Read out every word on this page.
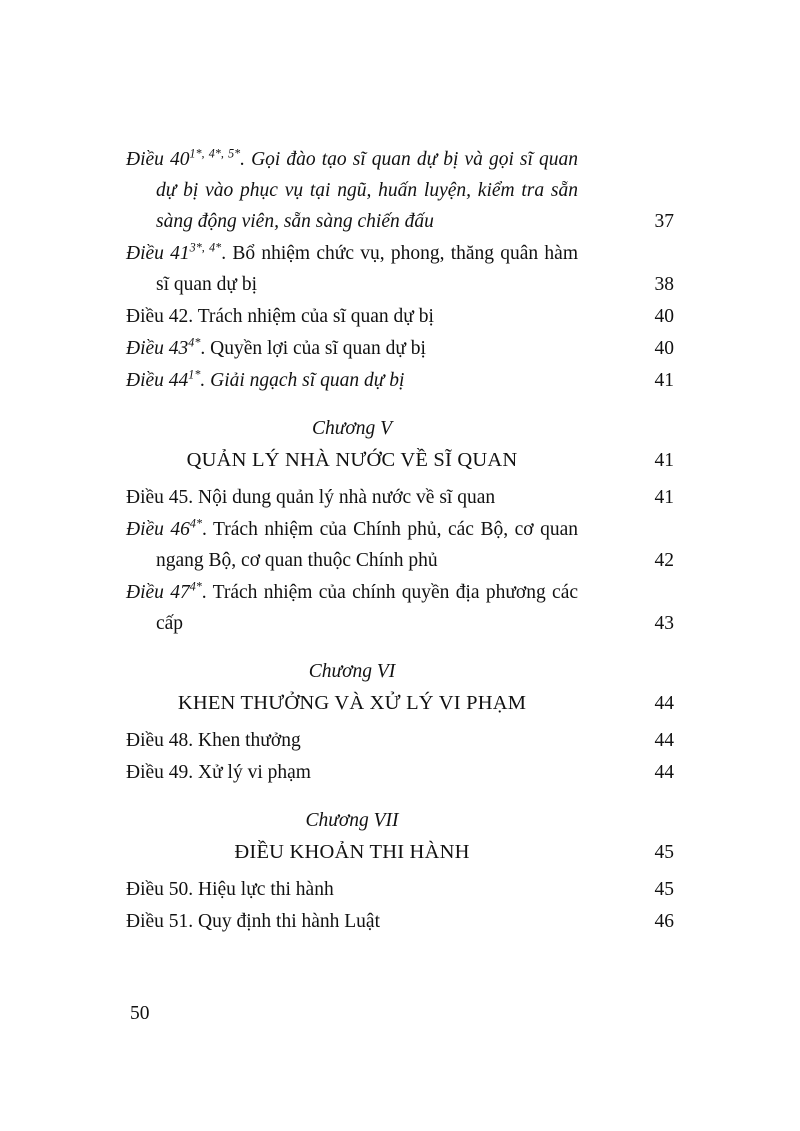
Điều $40^{1*, 4*, 5*}$. Gọi đào tạo sĩ quan dự bị và gọi sĩ quan dự bị vào phục vụ tại ngũ, huấn luyện, kiểm tra sẵn sàng động viên, sẵn sàng chiến đấu	37
Điều $41^{3*, 4*}$. Bổ nhiệm chức vụ, phong, thăng quân hàm sĩ quan dự bị	38
Điều 42. Trách nhiệm của sĩ quan dự bị	40
Điều $43^{4*}$. Quyền lợi của sĩ quan dự bị	40
Điều $44^{1*}$. Giải ngạch sĩ quan dự bị	41
Chương V
QUẢN LÝ NHÀ NƯỚC VỀ SĨ QUAN	41
Điều 45. Nội dung quản lý nhà nước về sĩ quan	41
Điều $46^{4*}$. Trách nhiệm của Chính phủ, các Bộ, cơ quan ngang Bộ, cơ quan thuộc Chính phủ	42
Điều $47^{4*}$. Trách nhiệm của chính quyền địa phương các cấp	43
Chương VI
KHEN THƯỞNG VÀ XỬ LÝ VI PHẠM	44
Điều 48. Khen thưởng	44
Điều 49. Xử lý vi phạm	44
Chương VII
ĐIỀU KHOẢN THI HÀNH	45
Điều 50. Hiệu lực thi hành	45
Điều 51. Quy định thi hành Luật	46
50
